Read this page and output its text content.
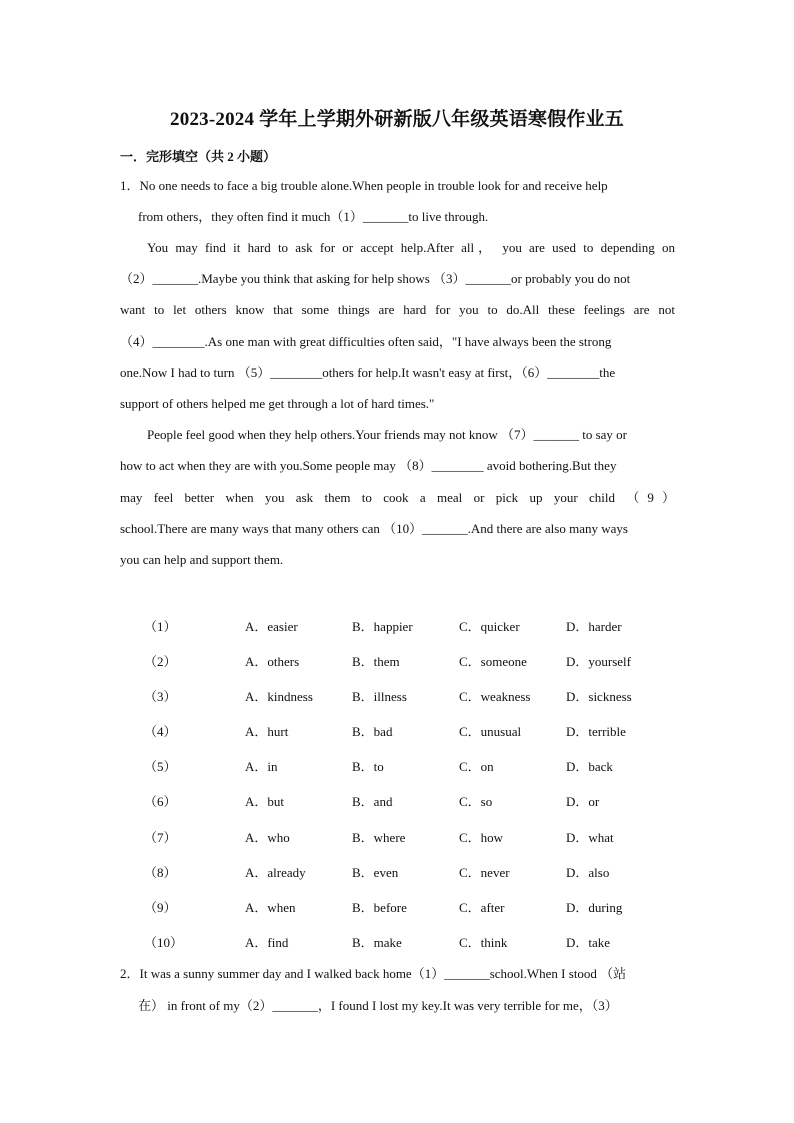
2023-2024 学年上学期外研新版八年级英语寒假作业五
一．完形填空（共 2 小题）
1．No one needs to face a big trouble alone.When people in trouble look for and receive help
from others，they often find it much（1）_______to live through.
You may find it hard to ask for or accept help.After all， you are used to depending on
（2）_______.Maybe you think that asking for help shows （3）_______or probably you do not
want to let others know that some things are hard for you to do.All these feelings are not
（4）________.As one man with great difficulties often said，"I have always been the strong
one.Now I had to turn （5）________others for help.It wasn't easy at first，（6）________the
support of others helped me get through a lot of hard times."
People feel good when they help others.Your friends may not know （7）_______ to say or
how to act when they are with you.Some people may （8）________ avoid bothering.But they
may feel better when you ask them to cook a meal or pick up your child （9）
school.There are many ways that many others can （10）_______.And there are also many ways
you can help and support them.
（1）	A．easier	B．happier	C．quicker	D．harder
（2）	A．others	B．them	C．someone	D．yourself
（3）	A．kindness	B．illness	C．weakness	D．sickness
（4）	A．hurt	B．bad	C．unusual	D．terrible
（5）	A．in	B．to	C．on	D．back
（6）	A．but	B．and	C．so	D．or
（7）	A．who	B．where	C．how	D．what
（8）	A．already	B．even	C．never	D．also
（9）	A．when	B．before	C．after	D．during
（10）	A．find	B．make	C．think	D．take
2．It was a sunny summer day and I walked back home（1）_______school.When I stood （站
在） in front of my（2）_______，I found I lost my key.It was very terrible for me，（3）
